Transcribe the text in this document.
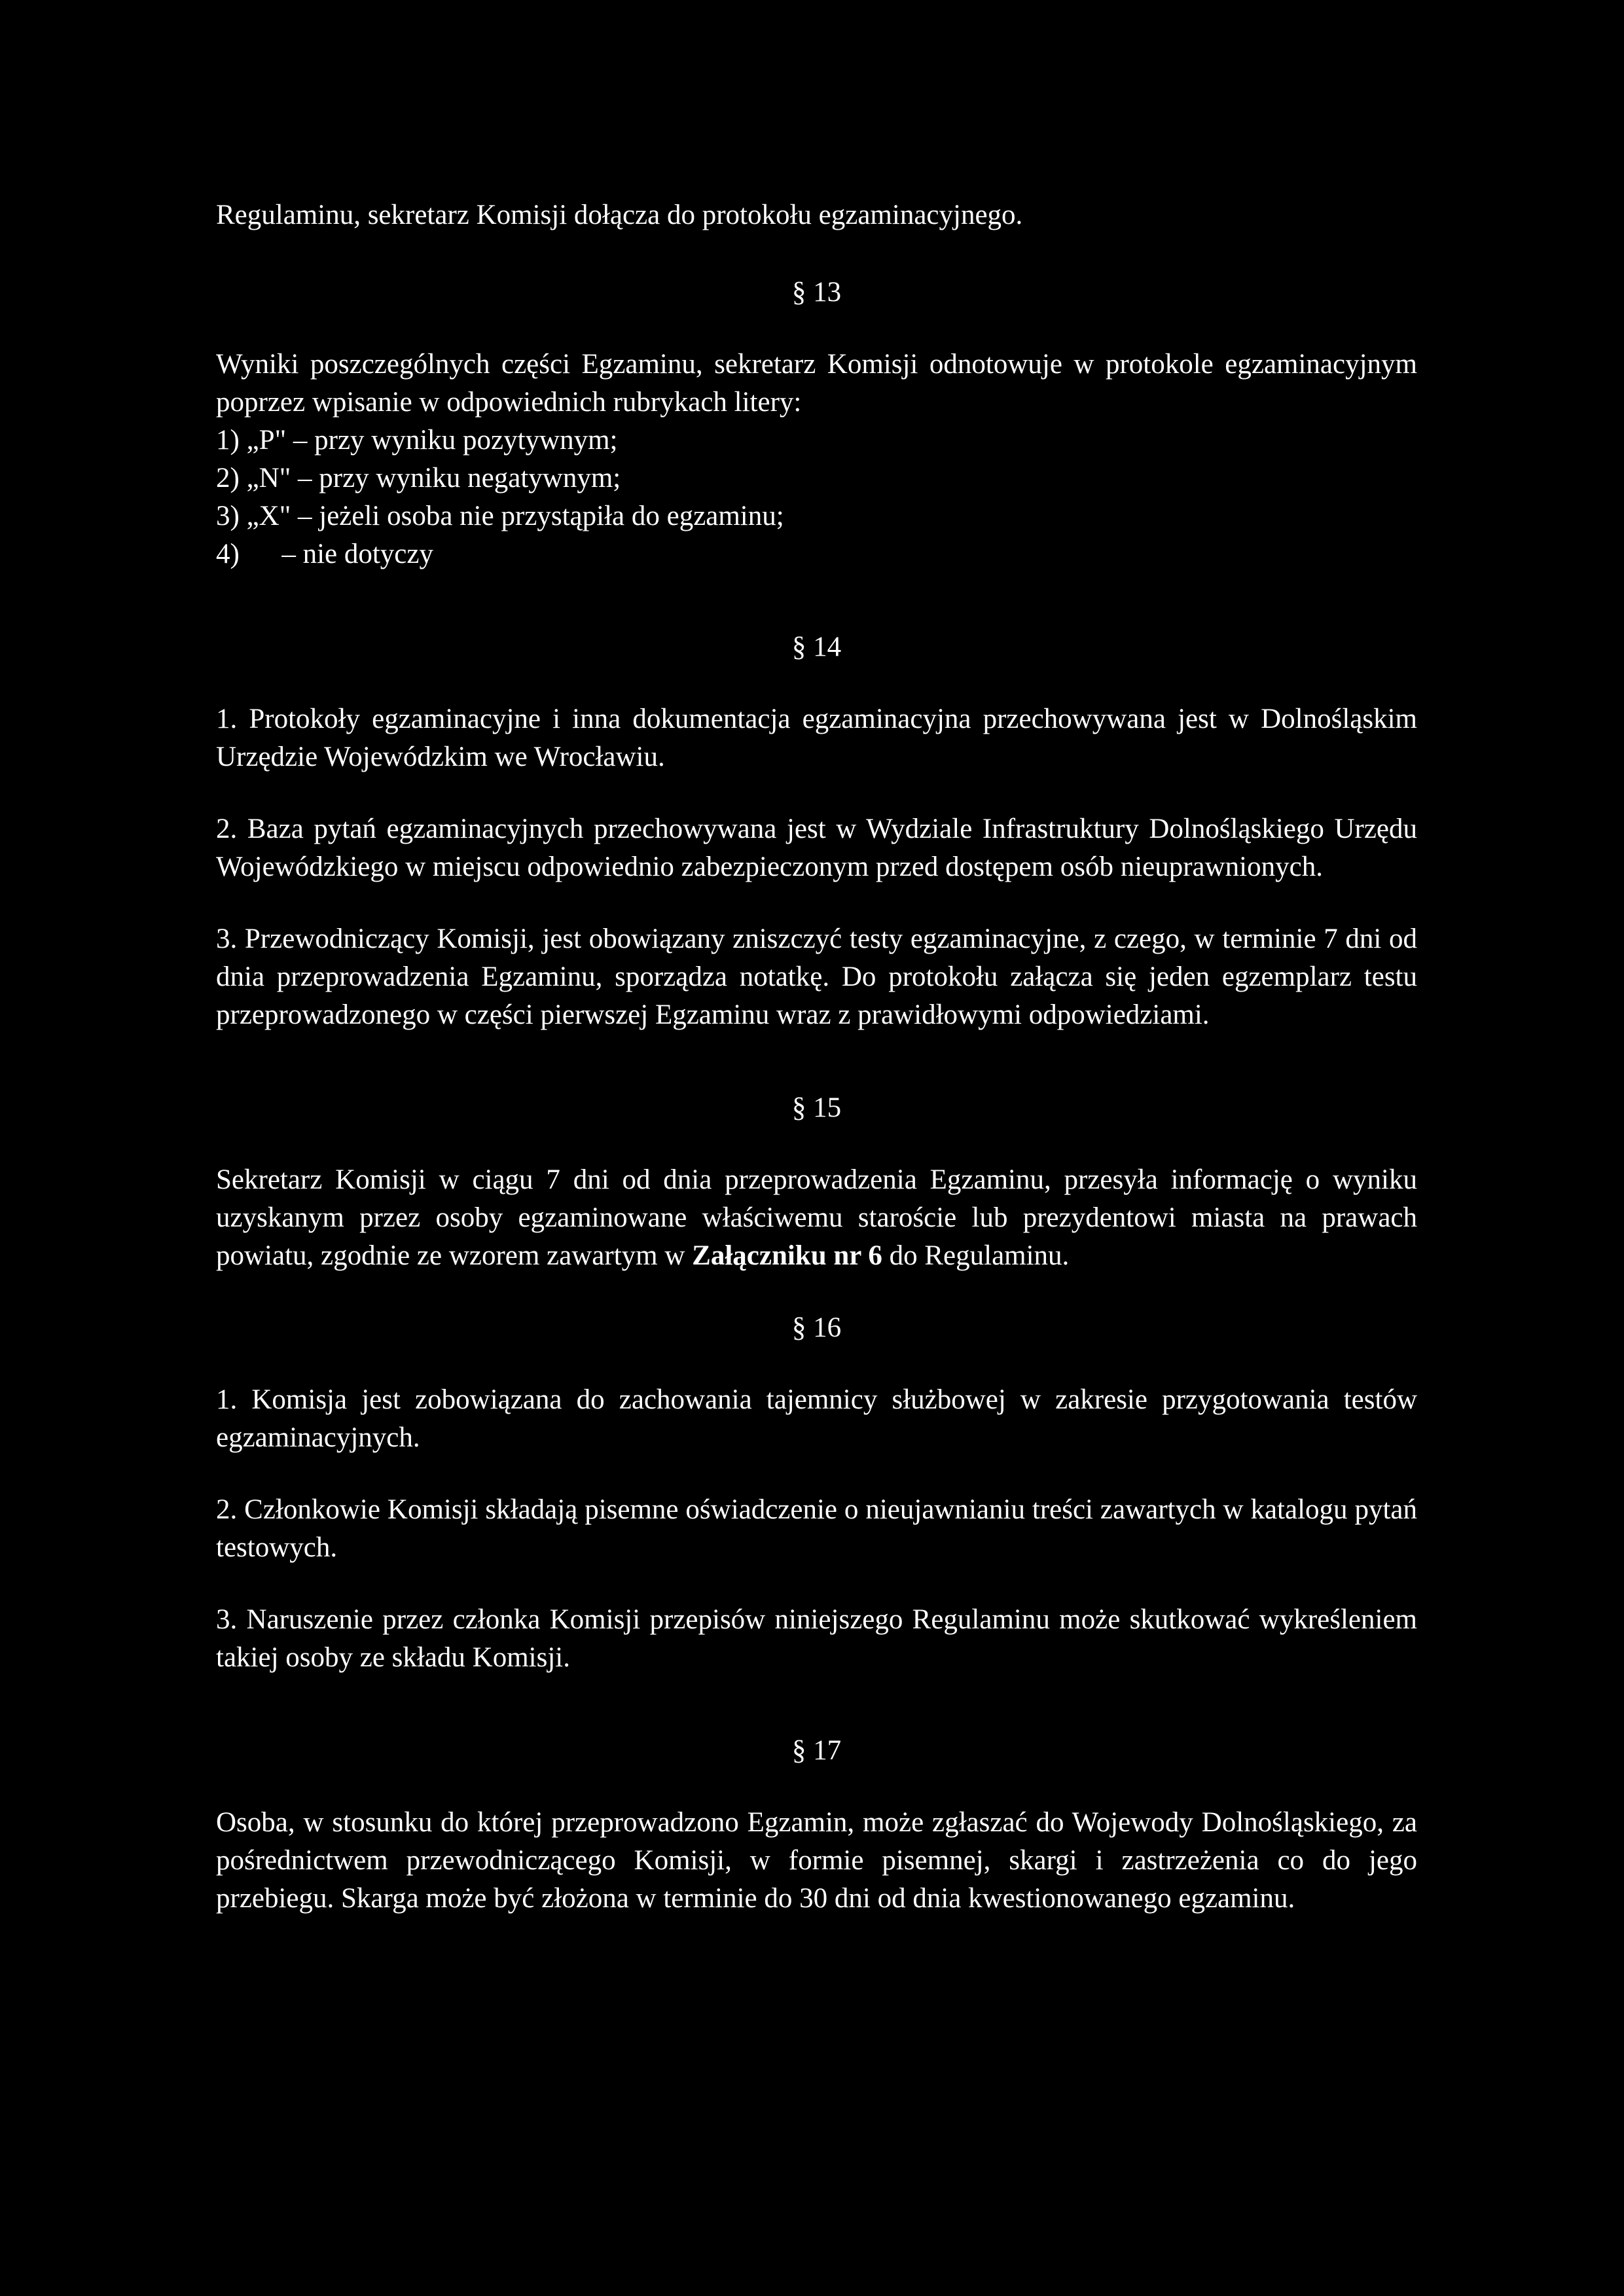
Regulaminu, sekretarz Komisji dołącza do protokołu egzaminacyjnego.

§ 13

Wyniki poszczególnych części Egzaminu, sekretarz Komisji odnotowuje w protokole egzaminacyjnym poprzez wpisanie w odpowiednich rubrykach litery:

1) „P" – przy wyniku pozytywnym;
2) „N" – przy wyniku negatywnym;
3) „X" – jeżeli osoba nie przystąpiła do egzaminu;
4)      – nie dotyczy
§ 14

1. Protokoły egzaminacyjne i inna dokumentacja egzaminacyjna przechowywana jest w Dolnośląskim Urzędzie Wojewódzkim we Wrocławiu.

2. Baza pytań egzaminacyjnych przechowywana jest w Wydziale Infrastruktury Dolnośląskiego Urzędu Wojewódzkiego w miejscu odpowiednio zabezpieczonym przed dostępem osób nieuprawnionych.

3. Przewodniczący Komisji, jest obowiązany zniszczyć testy egzaminacyjne, z czego, w terminie 7 dni od dnia przeprowadzenia Egzaminu, sporządza notatkę. Do protokołu załącza się jeden egzemplarz testu przeprowadzonego w części pierwszej Egzaminu wraz z prawidłowymi odpowiedziami.

§ 15

Sekretarz Komisji w ciągu 7 dni od dnia przeprowadzenia Egzaminu, przesyła informację o wyniku uzyskanym przez osoby egzaminowane właściwemu staroście lub prezydentowi miasta na prawach powiatu, zgodnie ze wzorem zawartym w Załączniku nr 6 do Regulaminu.

§ 16

1. Komisja jest zobowiązana do zachowania tajemnicy służbowej w zakresie przygotowania testów egzaminacyjnych.

2. Członkowie Komisji składają pisemne oświadczenie o nieujawnianiu treści zawartych w katalogu pytań testowych.

3. Naruszenie przez członka Komisji przepisów niniejszego Regulaminu może skutkować wykreśleniem takiej osoby ze składu Komisji.

§ 17

Osoba, w stosunku do której przeprowadzono Egzamin, może zgłaszać do Wojewody Dolnośląskiego, za pośrednictwem przewodniczącego Komisji, w formie pisemnej, skargi i zastrzeżenia co do jego przebiegu. Skarga może być złożona w terminie do 30 dni od dnia kwestionowanego egzaminu.
